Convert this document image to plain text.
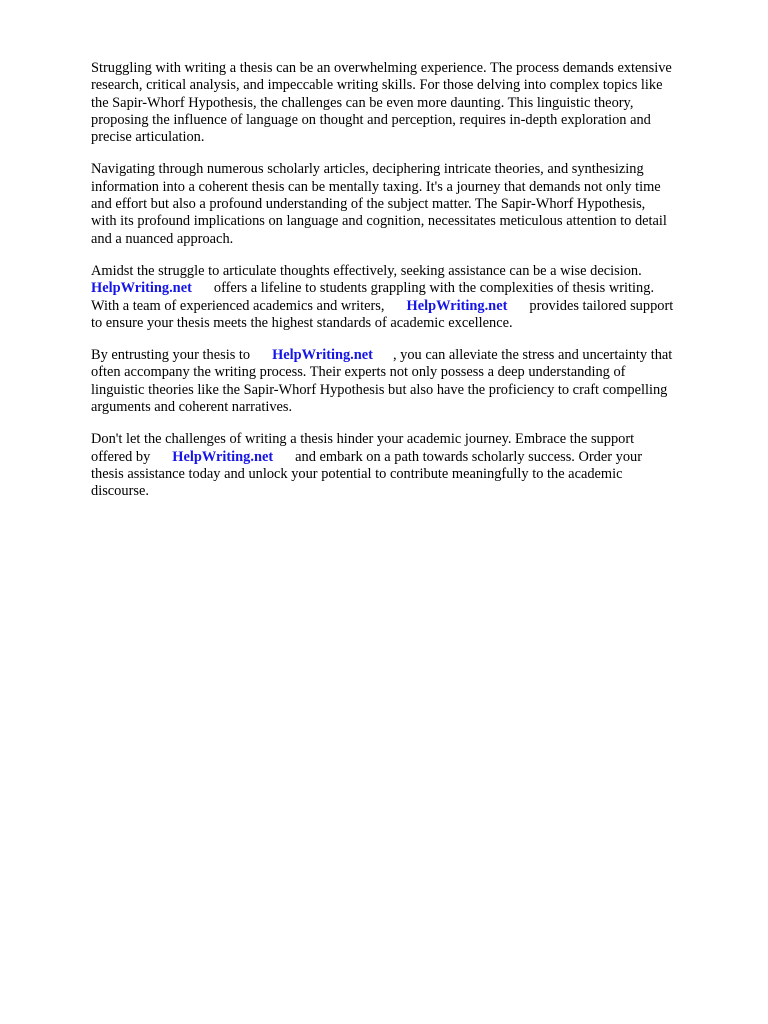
Struggling with writing a thesis can be an overwhelming experience. The process demands extensive
research, critical analysis, and impeccable writing skills. For those delving into complex topics like
the Sapir-Whorf Hypothesis, the challenges can be even more daunting. This linguistic theory,
proposing the influence of language on thought and perception, requires in-depth exploration and
precise articulation.

Navigating through numerous scholarly articles, deciphering intricate theories, and synthesizing
information into a coherent thesis can be mentally taxing. It's a journey that demands not only time
and effort but also a profound understanding of the subject matter. The Sapir-Whorf Hypothesis,
with its profound implications on language and cognition, necessitates meticulous attention to detail
and a nuanced approach.

Amidst the struggle to articulate thoughts effectively, seeking assistance can be a wise decision.
HelpWriting.net offers a lifeline to students grappling with the complexities of thesis writing.
With a team of experienced academics and writers, HelpWriting.net provides tailored support
to ensure your thesis meets the highest standards of academic excellence.

By entrusting your thesis to HelpWriting.net , you can alleviate the stress and uncertainty that
often accompany the writing process. Their experts not only possess a deep understanding of
linguistic theories like the Sapir-Whorf Hypothesis but also have the proficiency to craft compelling
arguments and coherent narratives.

Don't let the challenges of writing a thesis hinder your academic journey. Embrace the support
offered by HelpWriting.net and embark on a path towards scholarly success. Order your
thesis assistance today and unlock your potential to contribute meaningfully to the academic
discourse.
